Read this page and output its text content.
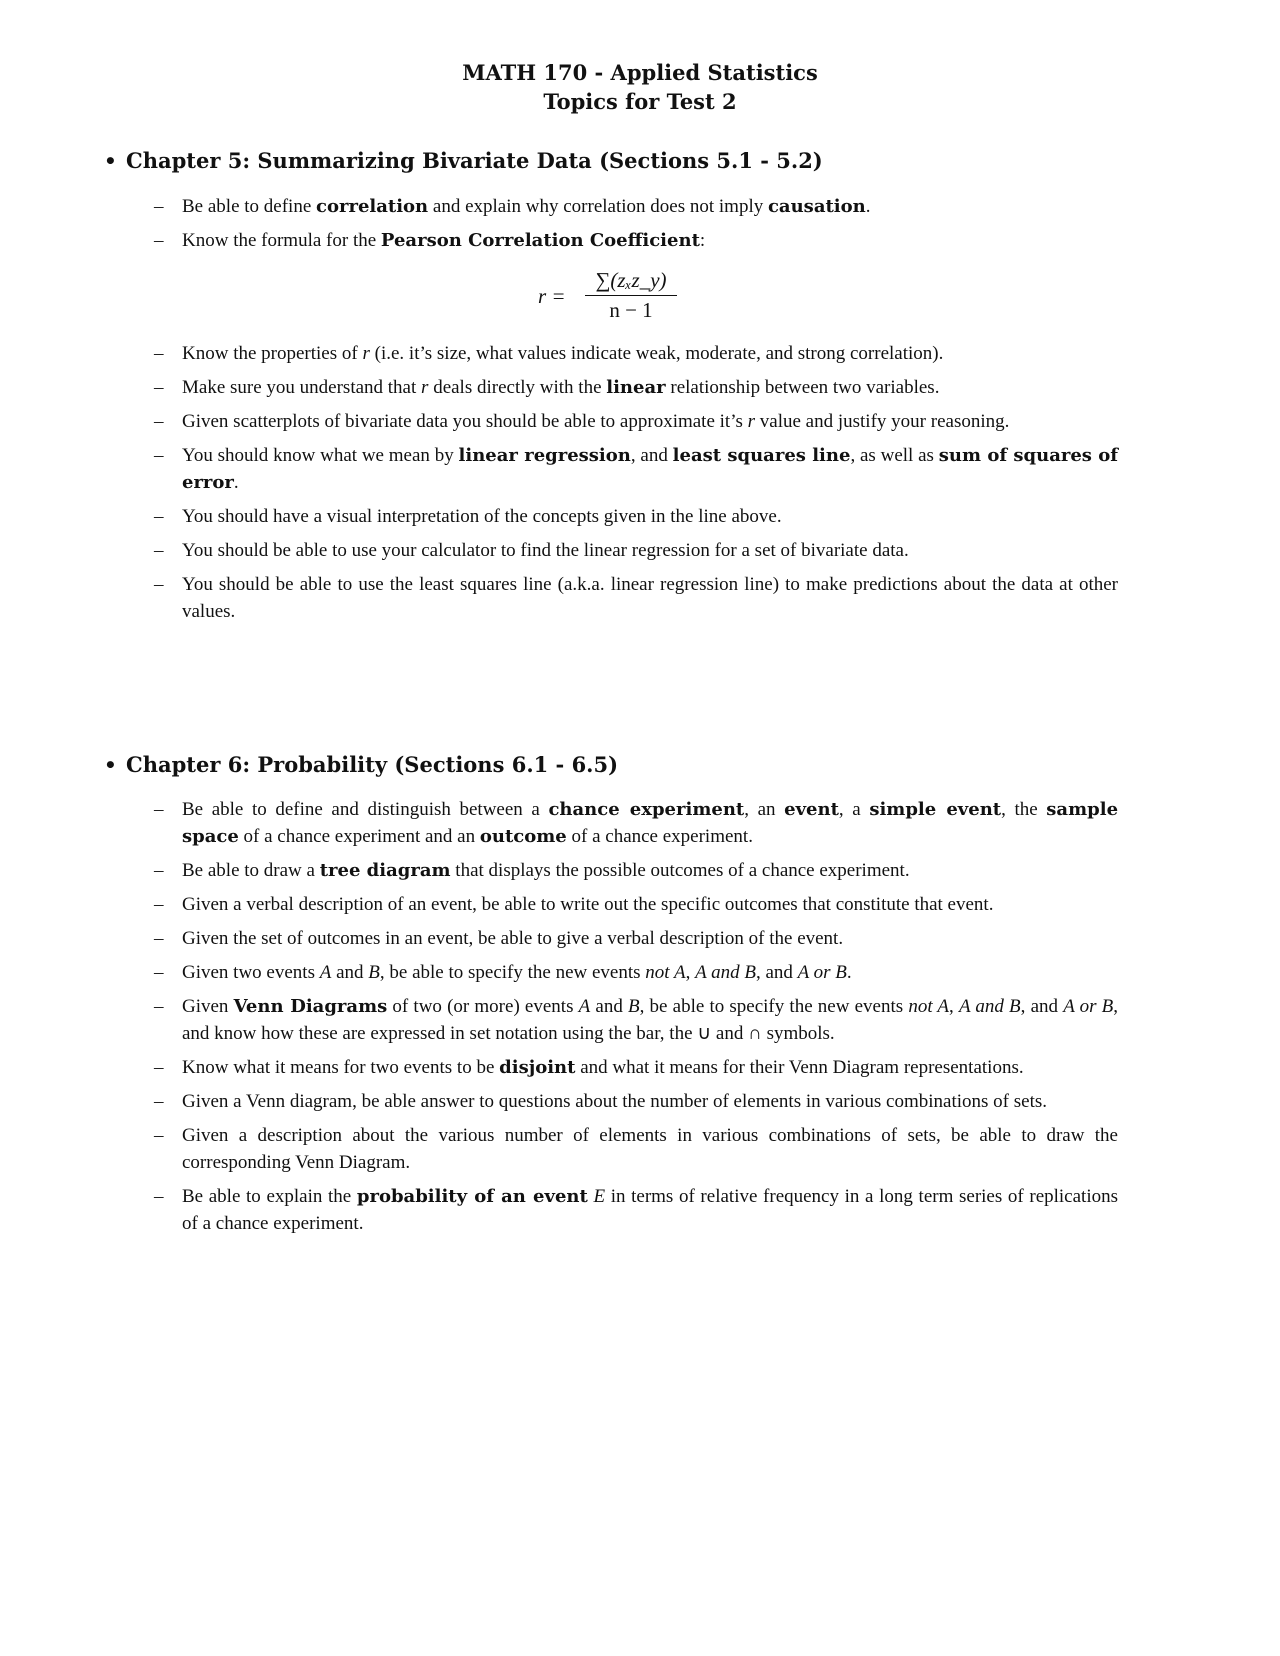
MATH 170 - Applied Statistics
Topics for Test 2
• Chapter 5: Summarizing Bivariate Data (Sections 5.1 - 5.2)
– Be able to define correlation and explain why correlation does not imply causation.
– Know the formula for the Pearson Correlation Coefficient:
r =
∑(zₓz_y)
n − 1
– Know the properties of r (i.e. it’s size, what values indicate weak, moderate, and strong correlation).
– Make sure you understand that r deals directly with the linear relationship between two variables.
– Given scatterplots of bivariate data you should be able to approximate it’s r value and justify your reasoning.
– You should know what we mean by linear regression, and least squares line, as well as sum of squares of error.
– You should have a visual interpretation of the concepts given in the line above.
– You should be able to use your calculator to find the linear regression for a set of bivariate data.
– You should be able to use the least squares line (a.k.a. linear regression line) to make predictions about the data at other values.
• Chapter 6: Probability (Sections 6.1 - 6.5)
– Be able to define and distinguish between a chance experiment, an event, a simple event, the sample space of a chance experiment and an outcome of a chance experiment.
– Be able to draw a tree diagram that displays the possible outcomes of a chance experiment.
– Given a verbal description of an event, be able to write out the specific outcomes that constitute that event.
– Given the set of outcomes in an event, be able to give a verbal description of the event.
– Given two events A and B, be able to specify the new events not A, A and B, and A or B.
– Given Venn Diagrams of two (or more) events A and B, be able to specify the new events not A, A and B, and A or B, and know how these are expressed in set notation using the bar, the ∪ and ∩ symbols.
– Know what it means for two events to be disjoint and what it means for their Venn Diagram representations.
– Given a Venn diagram, be able answer to questions about the number of elements in various combinations of sets.
– Given a description about the various number of elements in various combinations of sets, be able to draw the corresponding Venn Diagram.
– Be able to explain the probability of an event E in terms of relative frequency in a long term series of replications of a chance experiment.
